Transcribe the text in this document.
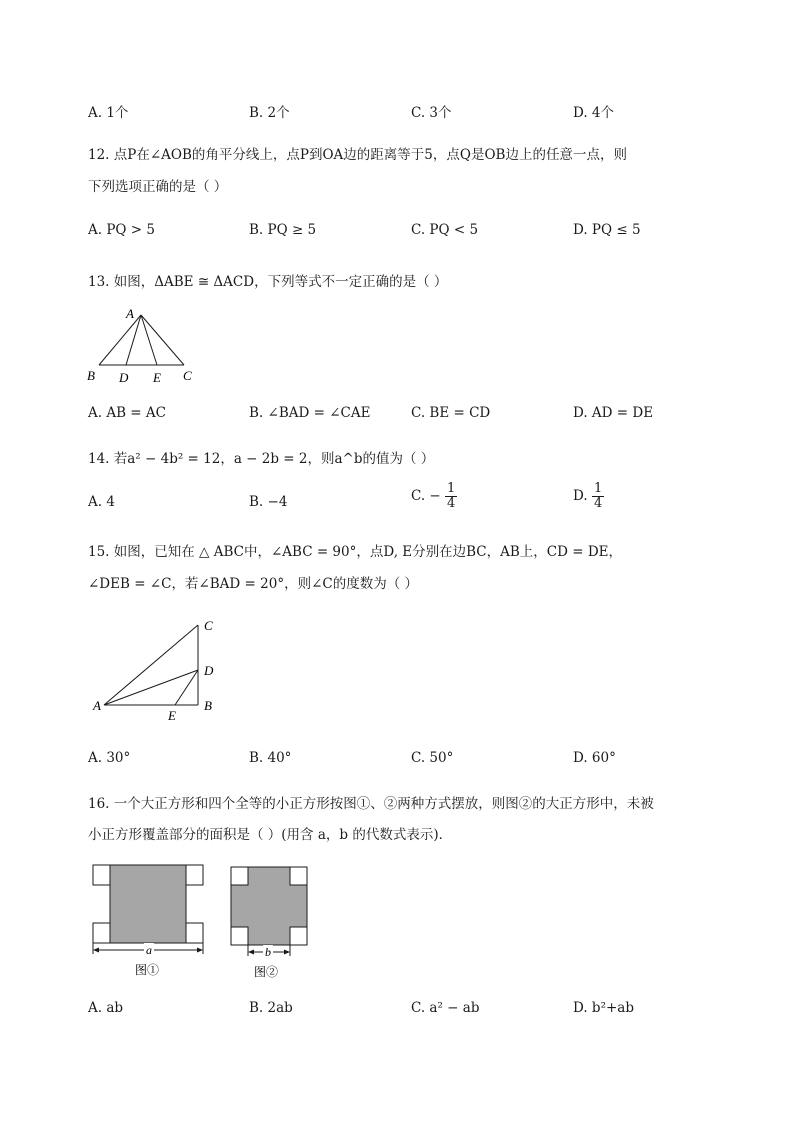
A. 1个	B. 2个	C. 3个	D. 4个
12. 点P在∠AOB的角平分线上，点P到OA边的距离等于5，点Q是OB边上的任意一点，则
下列选项正确的是（ ）
A. PQ > 5	B. PQ ≥ 5	C. PQ < 5	D. PQ ≤ 5
13. 如图，ΔABE ≅ ΔACD，下列等式不一定正确的是（ ）
A
B D E C
A. AB = AC	B. ∠BAD = ∠CAE	C. BE = CD	D. AD = DE
14. 若a² − 4b² = 12，a − 2b = 2，则a^b的值为（ ）
A. 4	B. −4	C. − $\frac{1}{4}$	D. $\frac{1}{4}$
15. 如图，已知在 △ ABC中，∠ABC = 90°，点D, E分别在边BC，AB上，CD = DE，
∠DEB = ∠C，若∠BAD = 20°，则∠C的度数为（ ）
C
D
A
E
B
A. 30°	B. 40°	C. 50°	D. 60°
16. 一个大正方形和四个全等的小正方形按图①、②两种方式摆放，则图②的大正方形中，未被
小正方形覆盖部分的面积是（ ）(用含 a，b 的代数式表示)．
a
图①
b
图②
A. ab	B. 2ab	C. a² − ab	D. b²+ab
